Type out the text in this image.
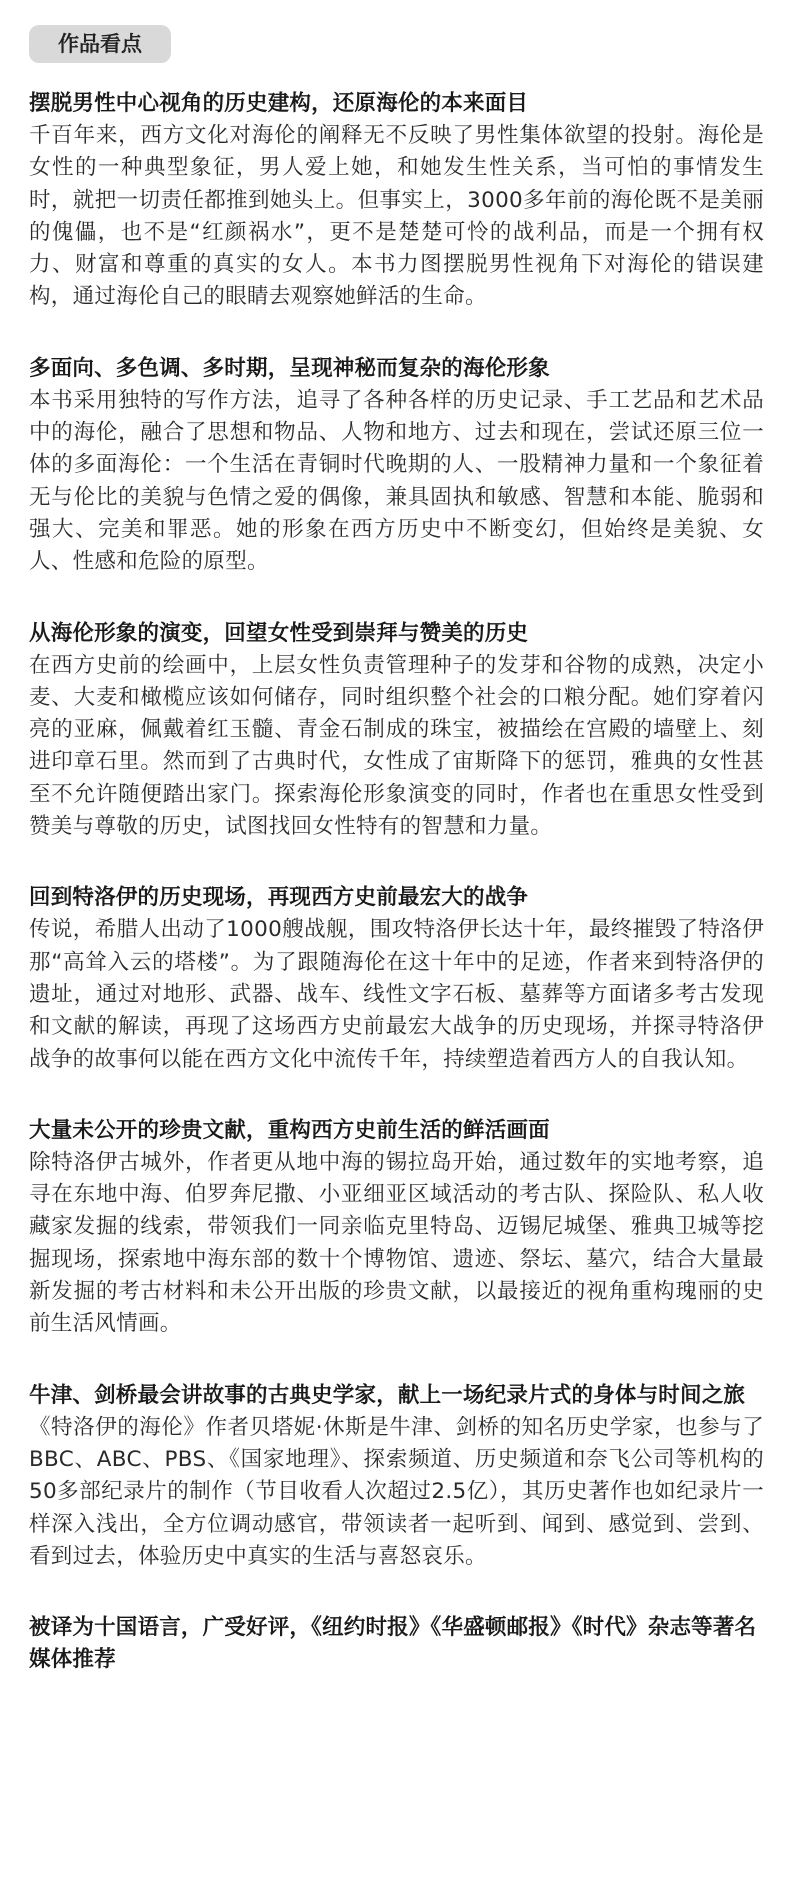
作品看点
摆脱男性中心视角的历史建构，还原海伦的本来面目

千百年来，西方文化对海伦的阐释无不反映了男性集体欲望的投射。海伦是女性的一种典型象征，男人爱上她，和她发生性关系，当可怕的事情发生时，就把一切责任都推到她头上。但事实上，3000多年前的海伦既不是美丽的傀儡，也不是“红颜祸水”，更不是楚楚可怜的战利品，而是一个拥有权力、财富和尊重的真实的女人。本书力图摆脱男性视角下对海伦的错误建构，通过海伦自己的眼睛去观察她鲜活的生命。

多面向、多色调、多时期，呈现神秘而复杂的海伦形象

本书采用独特的写作方法，追寻了各种各样的历史记录、手工艺品和艺术品中的海伦，融合了思想和物品、人物和地方、过去和现在，尝试还原三位一体的多面海伦：一个生活在青铜时代晚期的人、一股精神力量和一个象征着无与伦比的美貌与色情之爱的偶像，兼具固执和敏感、智慧和本能、脆弱和强大、完美和罪恶。她的形象在西方历史中不断变幻，但始终是美貌、女人、性感和危险的原型。

从海伦形象的演变，回望女性受到崇拜与赞美的历史

在西方史前的绘画中，上层女性负责管理种子的发芽和谷物的成熟，决定小麦、大麦和橄榄应该如何储存，同时组织整个社会的口粮分配。她们穿着闪亮的亚麻，佩戴着红玉髓、青金石制成的珠宝，被描绘在宫殿的墙壁上、刻进印章石里。然而到了古典时代，女性成了宙斯降下的惩罚，雅典的女性甚至不允许随便踏出家门。探索海伦形象演变的同时，作者也在重思女性受到赞美与尊敬的历史，试图找回女性特有的智慧和力量。

回到特洛伊的历史现场，再现西方史前最宏大的战争

传说，希腊人出动了1000艘战舰，围攻特洛伊长达十年，最终摧毁了特洛伊那“高耸入云的塔楼”。为了跟随海伦在这十年中的足迹，作者来到特洛伊的遗址，通过对地形、武器、战车、线性文字石板、墓葬等方面诸多考古发现和文献的解读，再现了这场西方史前最宏大战争的历史现场，并探寻特洛伊战争的故事何以能在西方文化中流传千年，持续塑造着西方人的自我认知。

大量未公开的珍贵文献，重构西方史前生活的鲜活画面

除特洛伊古城外，作者更从地中海的锡拉岛开始，通过数年的实地考察，追寻在东地中海、伯罗奔尼撒、小亚细亚区域活动的考古队、探险队、私人收藏家发掘的线索，带领我们一同亲临克里特岛、迈锡尼城堡、雅典卫城等挖掘现场，探索地中海东部的数十个博物馆、遗迹、祭坛、墓穴，结合大量最新发掘的考古材料和未公开出版的珍贵文献，以最接近的视角重构瑰丽的史前生活风情画。

牛津、剑桥最会讲故事的古典史学家，献上一场纪录片式的身体与时间之旅

《特洛伊的海伦》作者贝塔妮·休斯是牛津、剑桥的知名历史学家，也参与了BBC、ABC、PBS、《国家地理》、探索频道、历史频道和奈飞公司等机构的50多部纪录片的制作（节目收看人次超过2.5亿），其历史著作也如纪录片一样深入浅出，全方位调动感官，带领读者一起听到、闻到、感觉到、尝到、看到过去，体验历史中真实的生活与喜怒哀乐。

被译为十国语言，广受好评，《纽约时报》《华盛顿邮报》《时代》杂志等著名媒体推荐
